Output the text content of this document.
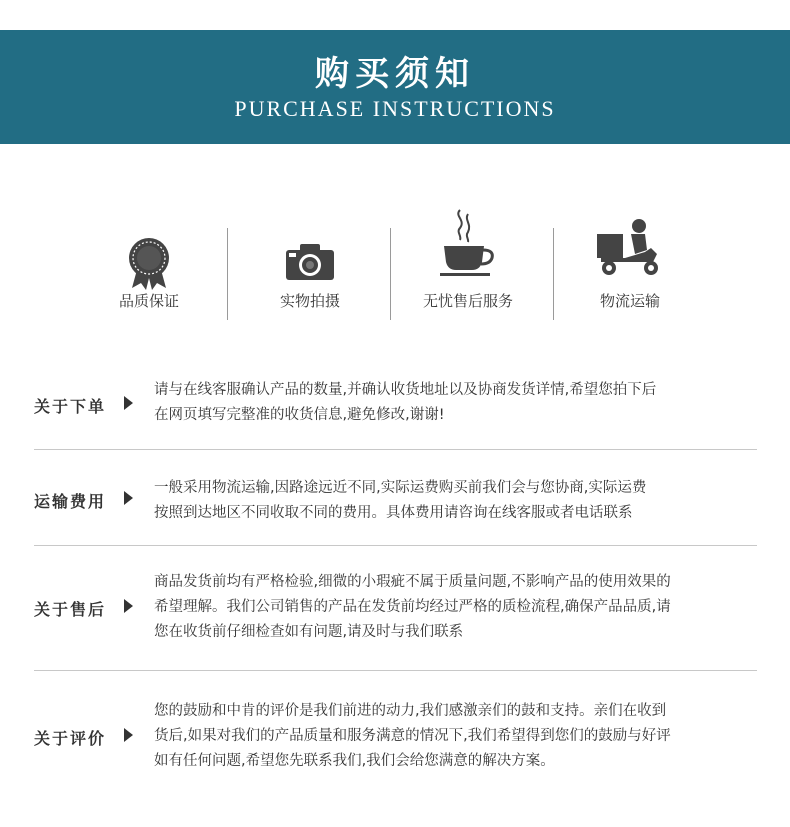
购买须知
PURCHASE INSTRUCTIONS
品质保证	实物拍摄	无忧售后服务	物流运输
关于下单
请与在线客服确认产品的数量,并确认收货地址以及协商发货详情,希望您拍下后
在网页填写完整准的收货信息,避免修改,谢谢!
运输费用
一般采用物流运输,因路途远近不同,实际运费购买前我们会与您协商,实际运费
按照到达地区不同收取不同的费用。具体费用请咨询在线客服或者电话联系
关于售后
商品发货前均有严格检验,细微的小瑕疵不属于质量问题,不影响产品的使用效果的
希望理解。我们公司销售的产品在发货前均经过严格的质检流程,确保产品品质,请
您在收货前仔细检查如有问题,请及时与我们联系
关于评价
您的鼓励和中肯的评价是我们前进的动力,我们感激亲们的鼓和支持。亲们在收到
货后,如果对我们的产品质量和服务满意的情况下,我们希望得到您们的鼓励与好评
如有任何问题,希望您先联系我们,我们会给您满意的解决方案。
